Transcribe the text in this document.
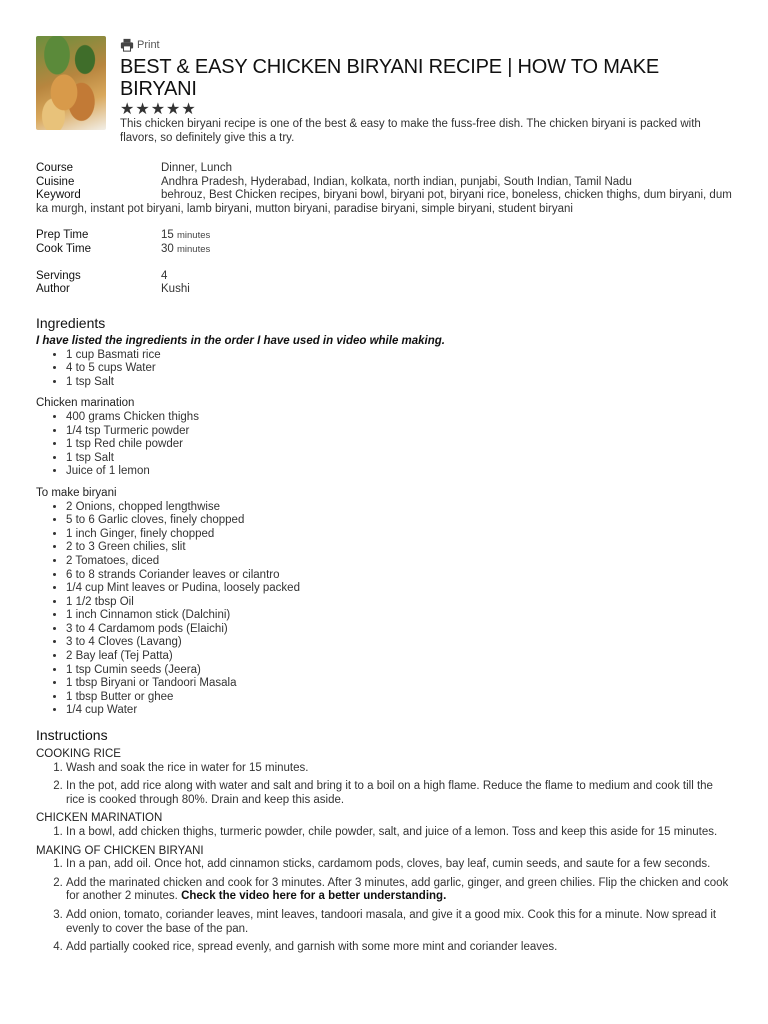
Print
BEST & EASY CHICKEN BIRYANI RECIPE | HOW TO MAKE BIRYANI
★ ★ ★ ★ ★
This chicken biryani recipe is one of the best & easy to make the fuss-free dish. The chicken biryani is packed with flavors, so definitely give this a try.
Course	Dinner, Lunch
Cuisine	Andhra Pradesh, Hyderabad, Indian, kolkata, north indian, punjabi, South Indian, Tamil Nadu
Keyword	behrouz, Best Chicken recipes, biryani bowl, biryani pot, biryani rice, boneless, chicken thighs, dum biryani, dum ka murgh, instant pot biryani, lamb biryani, mutton biryani, paradise biryani, simple biryani, student biryani
Prep Time	15 minutes
Cook Time	30 minutes
Servings	4
Author	Kushi
Ingredients
I have listed the ingredients in the order I have used in video while making.
• 1 cup Basmati rice
• 4 to 5 cups Water
• 1 tsp Salt
Chicken marination
• 400 grams Chicken thighs
• 1/4 tsp Turmeric powder
• 1 tsp Red chile powder
• 1 tsp Salt
• Juice of 1 lemon
To make biryani
• 2 Onions, chopped lengthwise
• 5 to 6 Garlic cloves, finely chopped
• 1 inch Ginger, finely chopped
• 2 to 3 Green chilies, slit
• 2 Tomatoes, diced
• 6 to 8 strands Coriander leaves or cilantro
• 1/4 cup Mint leaves or Pudina, loosely packed
• 1 1/2 tbsp Oil
• 1 inch Cinnamon stick (Dalchini)
• 3 to 4 Cardamom pods (Elaichi)
• 3 to 4 Cloves (Lavang)
• 2 Bay leaf (Tej Patta)
• 1 tsp Cumin seeds (Jeera)
• 1 tbsp Biryani or Tandoori Masala
• 1 tbsp Butter or ghee
• 1/4 cup Water
Instructions
COOKING RICE
1. Wash and soak the rice in water for 15 minutes.
2. In the pot, add rice along with water and salt and bring it to a boil on a high flame. Reduce the flame to medium and cook till the rice is cooked through 80%. Drain and keep this aside.
CHICKEN MARINATION
1. In a bowl, add chicken thighs, turmeric powder, chile powder, salt, and juice of a lemon. Toss and keep this aside for 15 minutes.
MAKING OF CHICKEN BIRYANI
1. In a pan, add oil. Once hot, add cinnamon sticks, cardamom pods, cloves, bay leaf, cumin seeds, and saute for a few seconds.
2. Add the marinated chicken and cook for 3 minutes. After 3 minutes, add garlic, ginger, and green chilies. Flip the chicken and cook for another 2 minutes. Check the video here for a better understanding.
3. Add onion, tomato, coriander leaves, mint leaves, tandoori masala, and give it a good mix. Cook this for a minute. Now spread it evenly to cover the base of the pan.
4. Add partially cooked rice, spread evenly, and garnish with some more mint and coriander leaves.
